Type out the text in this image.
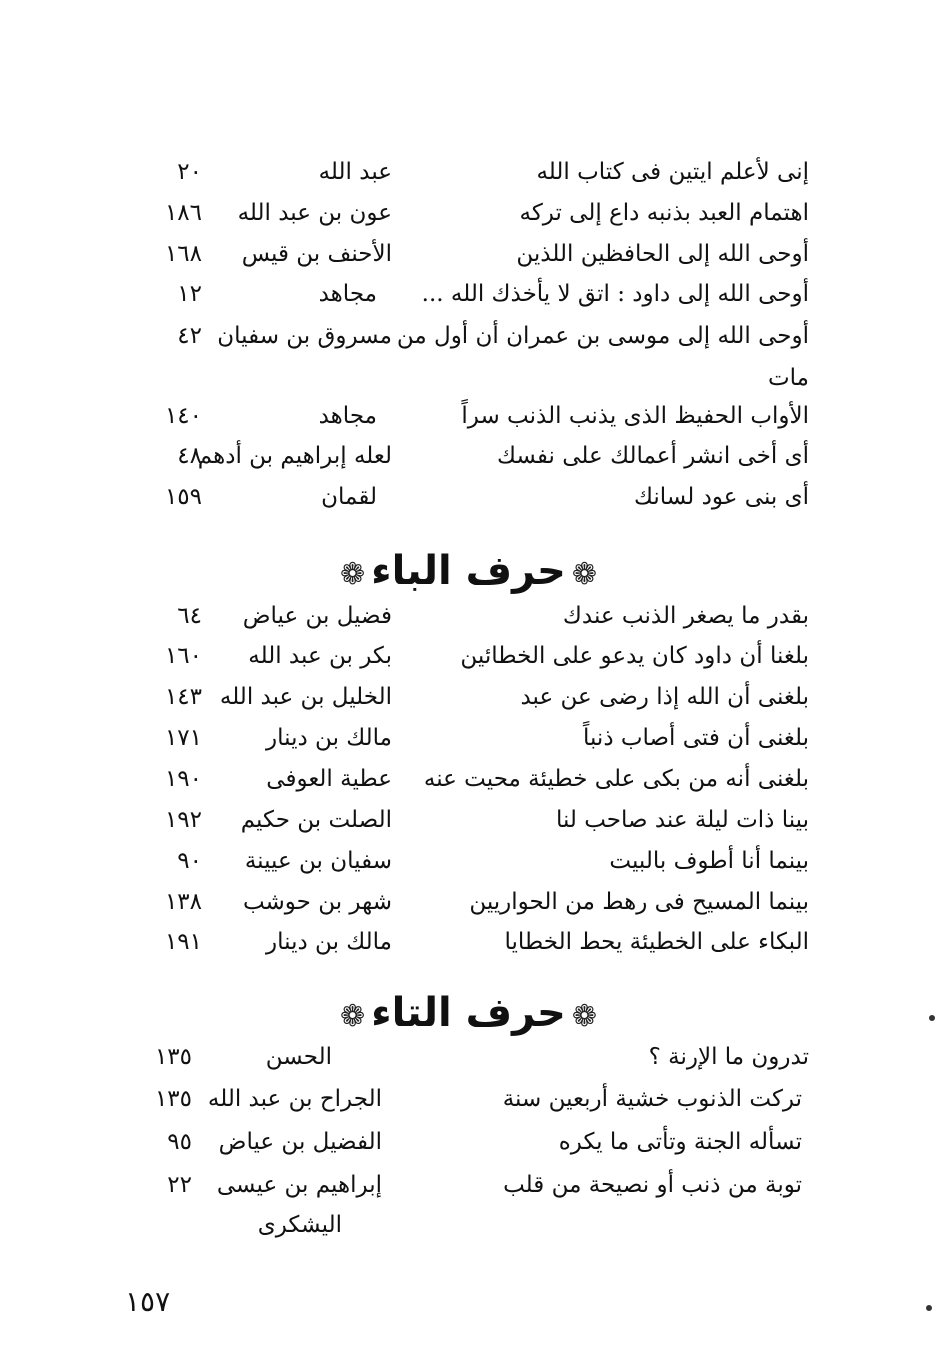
إنى لأعلم ايتين فى كتاب الله
عبد الله
٢٠
اهتمام العبد بذنبه داع إلى تركه
عون بن عبد الله
١٨٦
أوحى الله إلى الحافظين اللذين
الأحنف بن قيس
١٦٨
أوحى الله إلى داود : اتق لا يأخذك الله ...
مجاهد
١٢
أوحى الله إلى موسى بن عمران أن أول من
مسروق بن سفيان
٤٢
مات
الأواب الحفيظ الذى يذنب الذنب سراً
مجاهد
١٤٠
أى أخى انشر أعمالك على نفسك
لعله إبراهيم بن أدهم
٤٨
أى بنى عود لسانك
لقمان
١٥٩
❁حرف الباء❁
بقدر ما يصغر الذنب عندك
فضيل بن عياض
٦٤
بلغنا أن داود كان يدعو على الخطائين
بكر بن عبد الله
١٦٠
بلغنى أن الله إذا رضى عن عبد
الخليل بن عبد الله
١٤٣
بلغنى أن فتى أصاب ذنباً
مالك بن دينار
١٧١
بلغنى أنه من بكى على خطيئة محيت عنه
عطية العوفى
١٩٠
بينا ذات ليلة عند صاحب لنا
الصلت بن حكيم
١٩٢
بينما أنا أطوف بالبيت
سفيان بن عيينة
٩٠
بينما المسيح فى رهط من الحواريين
شهر بن حوشب
١٣٨
البكاء على الخطيئة يحط الخطايا
مالك بن دينار
١٩١
❁حرف التاء❁
تدرون ما الإرنة ؟
الحسن
١٣٥
تركت الذنوب خشية أربعين سنة
الجراح بن عبد الله
١٣٥
تسأله الجنة وتأتى ما يكره
الفضيل بن عياض
٩٥
توبة من ذنب أو نصيحة من قلب
إبراهيم بن عيسى
٢٢
اليشكرى
١٥٧
